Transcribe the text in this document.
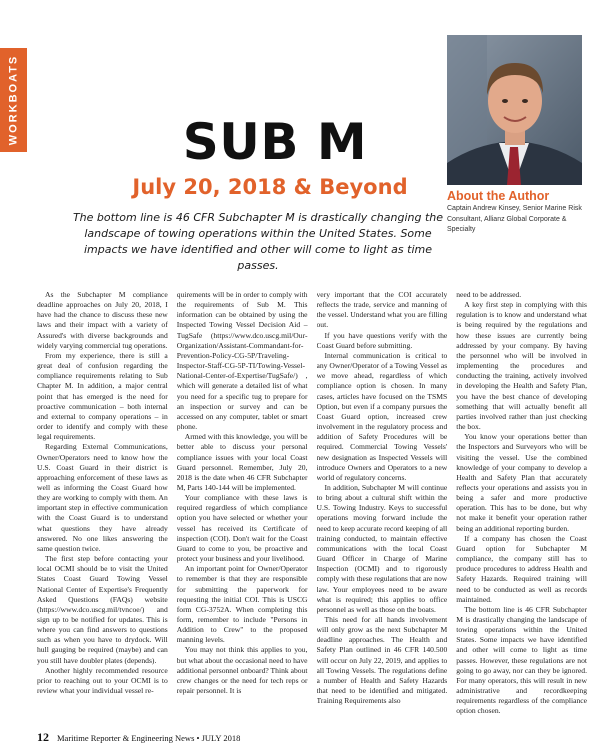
WORKBOATS	SUB M
July 20, 2018 & Beyond

The bottom line is 46 CFR Subchapter M is drastically changing the landscape of towing operations within the United States. Some impacts we have identified and other will come to light as time passes.

About the Author

Captain Andrew Kinsey, Senior Marine Risk Consultant, Allianz Global Corporate & Specialty

As the Subchapter M compliance deadline approaches on July 20, 2018, I have had the chance to discuss these new laws and their impact with a variety of Assured's with diverse backgrounds and widely varying commercial tug operations.

From my experience, there is still a great deal of confusion regarding the compliance requirements relating to Sub Chapter M. In addition, a major central point that has emerged is the need for proactive communication – both internal and external to company operations – in order to identify and comply with these legal requirements.

Regarding External Communications, Owner/Operators need to know how the U.S. Coast Guard in their district is approaching enforcement of these laws as well as informing the Coast Guard how they are working to comply with them. An important step in effective communication with the Coast Guard is to understand what questions they have already answered. No one likes answering the same question twice.

The first step before contacting your local OCMI should be to visit the United States Coast Guard Towing Vessel National Center of Expertise's Frequently Asked Questions (FAQs) website (https://www.dco.uscg.mil/tvncoe/) and sign up to be notified for updates. This is where you can find answers to questions such as when you have to drydock. Will hull gauging be required (maybe) and can you still have doubler plates (depends).

Another highly recommended resource prior to reaching out to your OCMI is to review what your individual vessel re-

quirements will be in order to comply with the requirements of Sub M. This information can be obtained by using the Inspected Towing Vessel Decision Aid – TugSafe (https://www.dco.uscg.mil/Our-Organization/Assistant-Commandant-for-Prevention-Policy-CG-5P/Traveling-Inspector-Staff-CG-5P-TI/Towing-Vessel-National-Center-of-Expertise/TugSafe/) , which will generate a detailed list of what you need for a specific tug to prepare for an inspection or survey and can be accessed on any computer, tablet or smart phone.

Armed with this knowledge, you will be better able to discuss your personal compliance issues with your local Coast Guard personnel. Remember, July 20, 2018 is the date when 46 CFR Subchapter M, Parts 140-144 will be implemented.

Your compliance with these laws is required regardless of which compliance option you have selected or whether your vessel has received its Certificate of inspection (COI). Don't wait for the Coast Guard to come to you, be proactive and protect your business and your livelihood.

An important point for Owner/Operator to remember is that they are responsible for submitting the paperwork for requesting the initial COI. This is USCG form CG-3752A. When completing this form, remember to include "Persons in Addition to Crew" to the proposed manning levels.

You may not think this applies to you, but what about the occasional need to have additional personnel onboard? Think about crew changes or the need for tech reps or repair personnel. It is

very important that the COI accurately reflects the trade, service and manning of the vessel. Understand what you are filling out.

If you have questions verify with the Coast Guard before submitting.

Internal communication is critical to any Owner/Operator of a Towing Vessel as we move ahead, regardless of which compliance option is chosen. In many cases, articles have focused on the TSMS Option, but even if a company pursues the Coast Guard option, increased crew involvement in the regulatory process and addition of Safety Procedures will be required. Commercial Towing Vessels' new designation as Inspected Vessels will introduce Owners and Operators to a new world of regulatory concerns.

In addition, Subchapter M will continue to bring about a cultural shift within the U.S. Towing Industry. Keys to successful operations moving forward include the need to keep accurate record keeping of all training conducted, to maintain effective communications with the local Coast Guard Officer in Charge of Marine Inspection (OCMI) and to rigorously comply with these regulations that are now law. Your employees need to be aware what is required; this applies to office personnel as well as those on the boats.

This need for all hands involvement will only grow as the next Subchapter M deadline approaches. The Health and Safety Plan outlined in 46 CFR 140.500 will occur on July 22, 2019, and applies to all Towing Vessels. The regulations define a number of Health and Safety Hazards that need to be identified and mitigated. Training Requirements also

need to be addressed.

A key first step in complying with this regulation is to know and understand what is being required by the regulations and how these issues are currently being addressed by your company. By having the personnel who will be involved in implementing the procedures and conducting the training, actively involved in developing the Health and Safety Plan, you have the best chance of developing something that will actually benefit all parties involved rather than just checking the box.

You know your operations better than the Inspectors and Surveyors who will be visiting the vessel. Use the combined knowledge of your company to develop a Health and Safety Plan that accurately reflects your operations and assists you in being a safer and more productive operation. This has to be done, but why not make it benefit your operation rather being an additional reporting burden.

If a company has chosen the Coast Guard option for Subchapter M compliance, the company still has to produce procedures to address Health and Safety Hazards. Required training will need to be conducted as well as records maintained.

The bottom line is 46 CFR Subchapter M is drastically changing the landscape of towing operations within the United States. Some impacts we have identified and other will come to light as time passes. However, these regulations are not going to go away, nor can they be ignored. For many operators, this will result in new administrative and recordkeeping requirements regardless of the compliance option chosen.

12 Maritime Reporter & Engineering News • JULY 2018
